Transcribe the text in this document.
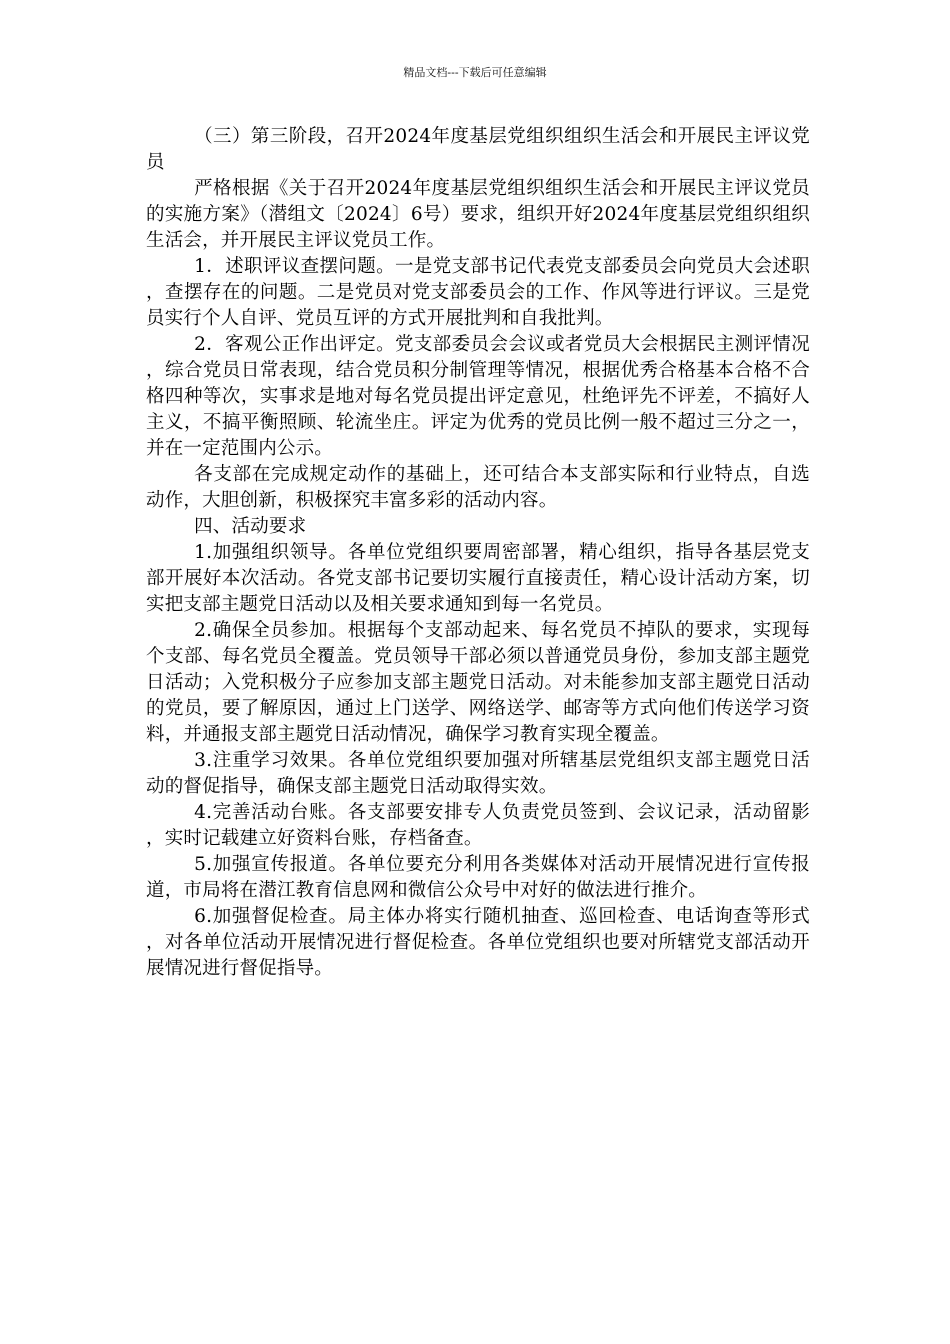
精品文档---下载后可任意编辑

（三）第三阶段，召开2024年度基层党组织组织生活会和开展民主评议党员

严格根据《关于召开2024年度基层党组织组织生活会和开展民主评议党员的实施方案》（潜组文〔2024〕6号）要求，组织开好2024年度基层党组织组织生活会，并开展民主评议党员工作。

1．述职评议查摆问题。一是党支部书记代表党支部委员会向党员大会述职，查摆存在的问题。二是党员对党支部委员会的工作、作风等进行评议。三是党员实行个人自评、党员互评的方式开展批判和自我批判。

2．客观公正作出评定。党支部委员会会议或者党员大会根据民主测评情况，综合党员日常表现，结合党员积分制管理等情况，根据优秀合格基本合格不合格四种等次，实事求是地对每名党员提出评定意见，杜绝评先不评差，不搞好人主义，不搞平衡照顾、轮流坐庄。评定为优秀的党员比例一般不超过三分之一，并在一定范围内公示。

各支部在完成规定动作的基础上，还可结合本支部实际和行业特点，自选动作，大胆创新，积极探究丰富多彩的活动内容。

四、活动要求

1.加强组织领导。各单位党组织要周密部署，精心组织，指导各基层党支部开展好本次活动。各党支部书记要切实履行直接责任，精心设计活动方案，切实把支部主题党日活动以及相关要求通知到每一名党员。

2.确保全员参加。根据每个支部动起来、每名党员不掉队的要求，实现每个支部、每名党员全覆盖。党员领导干部必须以普通党员身份，参加支部主题党日活动；入党积极分子应参加支部主题党日活动。对未能参加支部主题党日活动的党员，要了解原因，通过上门送学、网络送学、邮寄等方式向他们传送学习资料，并通报支部主题党日活动情况，确保学习教育实现全覆盖。

3.注重学习效果。各单位党组织要加强对所辖基层党组织支部主题党日活动的督促指导，确保支部主题党日活动取得实效。

4.完善活动台账。各支部要安排专人负责党员签到、会议记录，活动留影，实时记载建立好资料台账，存档备查。

5.加强宣传报道。各单位要充分利用各类媒体对活动开展情况进行宣传报道，市局将在潜江教育信息网和微信公众号中对好的做法进行推介。

6.加强督促检查。局主体办将实行随机抽查、巡回检查、电话询查等形式，对各单位活动开展情况进行督促检查。各单位党组织也要对所辖党支部活动开展情况进行督促指导。
